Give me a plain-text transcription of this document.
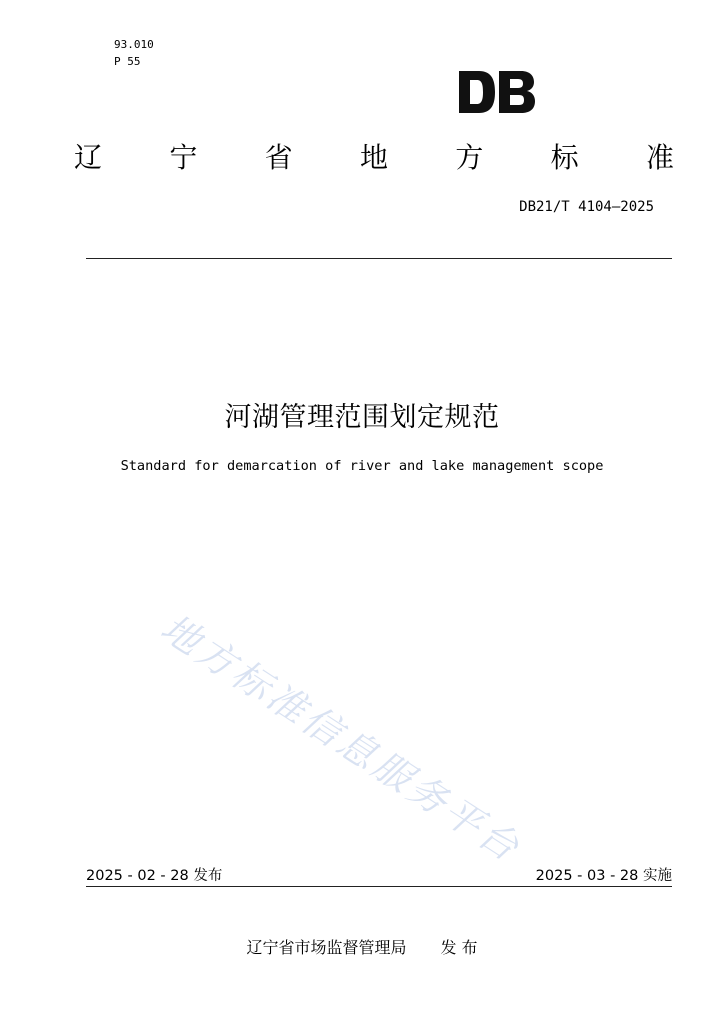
93.010
P 55
辽 宁 省 地 方 标 准
DB21/T 4104—2025
河湖管理范围划定规范
Standard for demarcation of river and lake management scope
地方标准信息服务平台
2025 - 02 - 28 发布	2025 - 03 - 28 实施
辽宁省市场监督管理局 发 布
